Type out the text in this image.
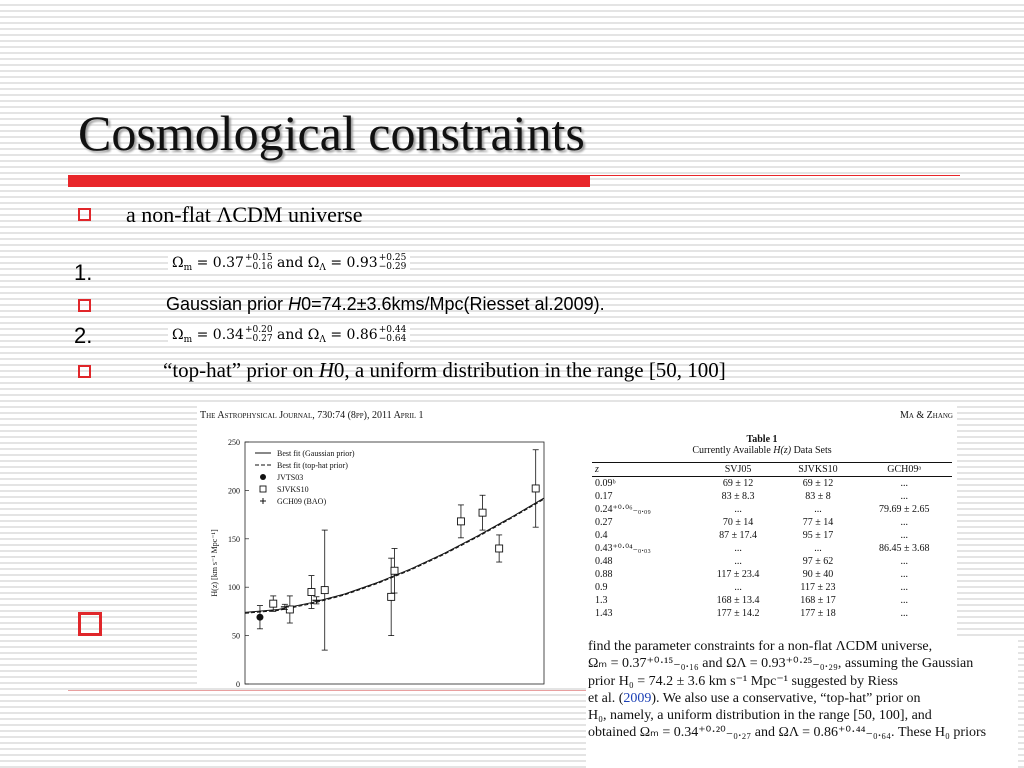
Cosmological constraints
a non-flat ΛCDM universe
1.	$\Omega_m = 0.37+0.15$
−0.16 and $\Omega_\Lambda = 0.93+0.25$
−0.29
Gaussian prior H0=74.2±3.6kms/Mpc(Riesset al.2009).
2.	$\Omega_m = 0.34+0.20$
−0.27 and $\Omega_\Lambda = 0.86+0.44$
−0.64
“top-hat” prior on H0, a uniform distribution in the range [50, 100]
The Astrophysical Journal, 730:74 (8pp), 2011 April 1	Ma & Zhang
0
50
100
150
200
250
H(z) [km s⁻¹ Mpc⁻¹]
Best fit (Gaussian prior)
Best fit (top-hat prior)
JVTS03
SJVKS10
GCH09 (BAO)
Table 1
Currently Available H(z) Data Sets
z	SVJ05	SJVKS10	GCH09ᵃ
0.09ᵇ	69 ± 12	69 ± 12	...
0.17	83 ± 8.3	83 ± 8	...
0.24⁺⁰·⁰⁶₋₀.₀₉	...	...	79.69 ± 2.65
0.27	70 ± 14	77 ± 14	...
0.4	87 ± 17.4	95 ± 17	...
0.43⁺⁰·⁰⁴₋₀.₀₃	...	...	86.45 ± 3.68
0.48	...	97 ± 62	...
0.88	117 ± 23.4	90 ± 40	...
0.9	...	117 ± 23	...
1.3	168 ± 13.4	168 ± 17	...
1.43	177 ± 14.2	177 ± 18	...
find the parameter constraints for a non-flat ΛCDM universe,
Ωₘ = 0.37⁺⁰·¹⁵₋₀.₁₆ and ΩΛ = 0.93⁺⁰·²⁵₋₀.₂₉, assuming the Gaussian
prior H₀ = 74.2 ± 3.6 km s⁻¹ Mpc⁻¹ suggested by Riess
et al. (2009). We also use a conservative, “top-hat” prior on
H₀, namely, a uniform distribution in the range [50, 100], and
obtained Ωₘ = 0.34⁺⁰·²⁰₋₀.₂₇ and ΩΛ = 0.86⁺⁰·⁴⁴₋₀.₆₄. These H₀ priors
